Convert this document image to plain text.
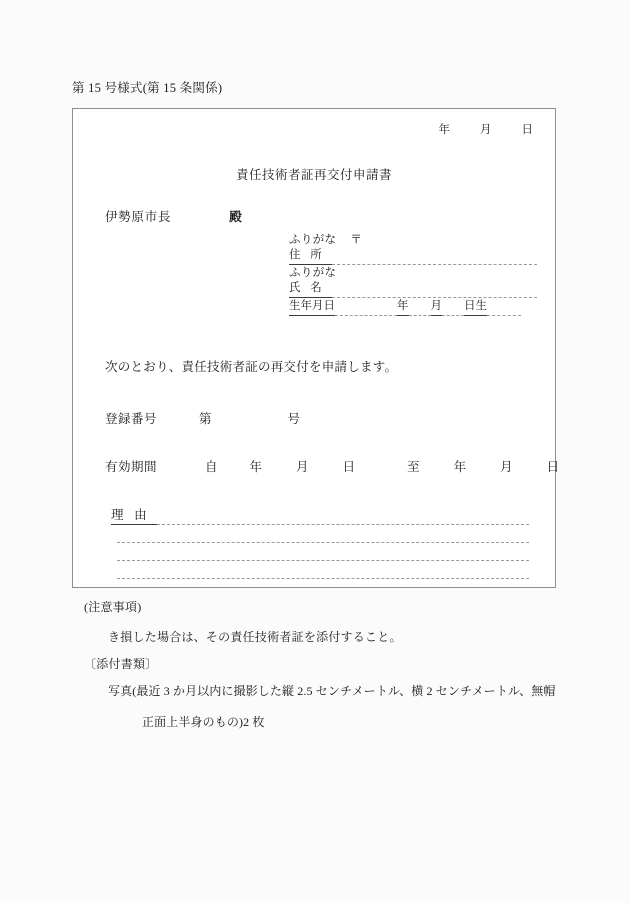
第 15 号様式(第 15 条関係)
年	月	日
責任技術者証再交付申請書
伊勢原市長	殿
ふりがな 〒
住所
ふりがな
氏名
生年月日	年 月 日生
次のとおり、責任技術者証の再交付を申請します。
登録番号	第	号
有効期間	自	年	月	日	至	年	月	日
理由
(注意事項)
き損した場合は、その責任技術者証を添付すること。
〔添付書類〕
写真(最近 3 か月以内に撮影した縦 2.5 センチメートル、横 2 センチメートル、無帽
正面上半身のもの)2 枚
